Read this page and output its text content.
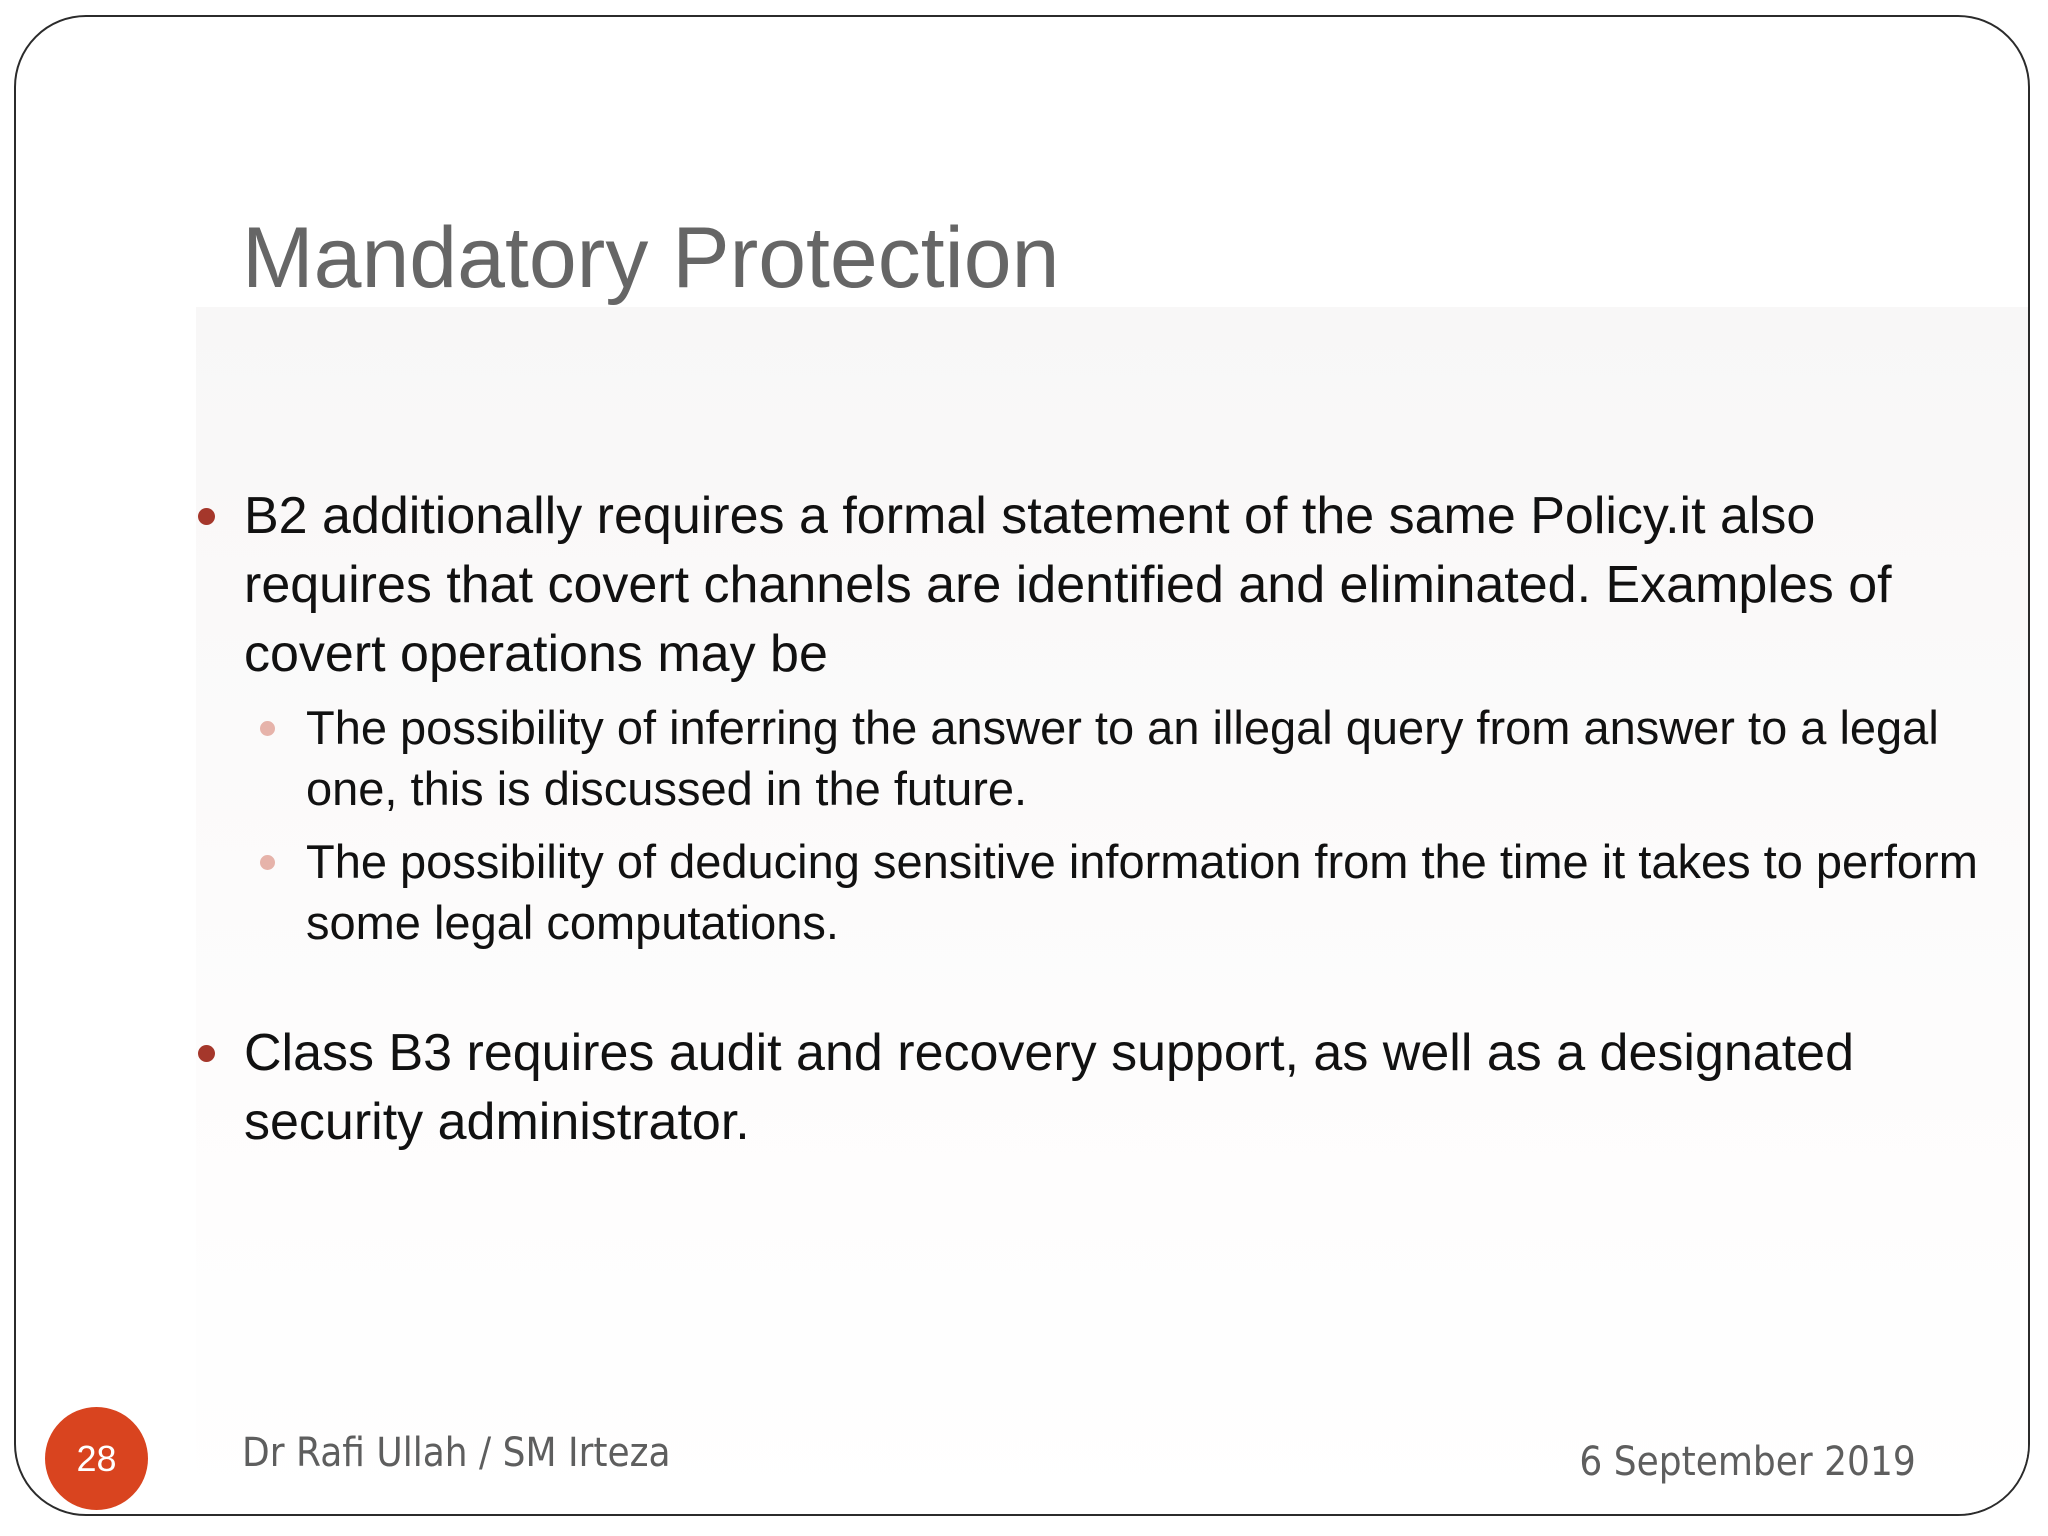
Mandatory Protection
B2 additionally requires a formal statement of the same Policy.it also requires that covert channels are identified and eliminated. Examples of covert operations may be
The possibility of inferring the answer to an illegal query from answer to a legal one, this is discussed in the future.
The possibility of deducing sensitive information from the time it takes to perform some legal computations.
Class B3 requires audit and recovery support, as well as a designated security administrator.
28	Dr Rafi Ullah / SM Irteza	6 September 2019
